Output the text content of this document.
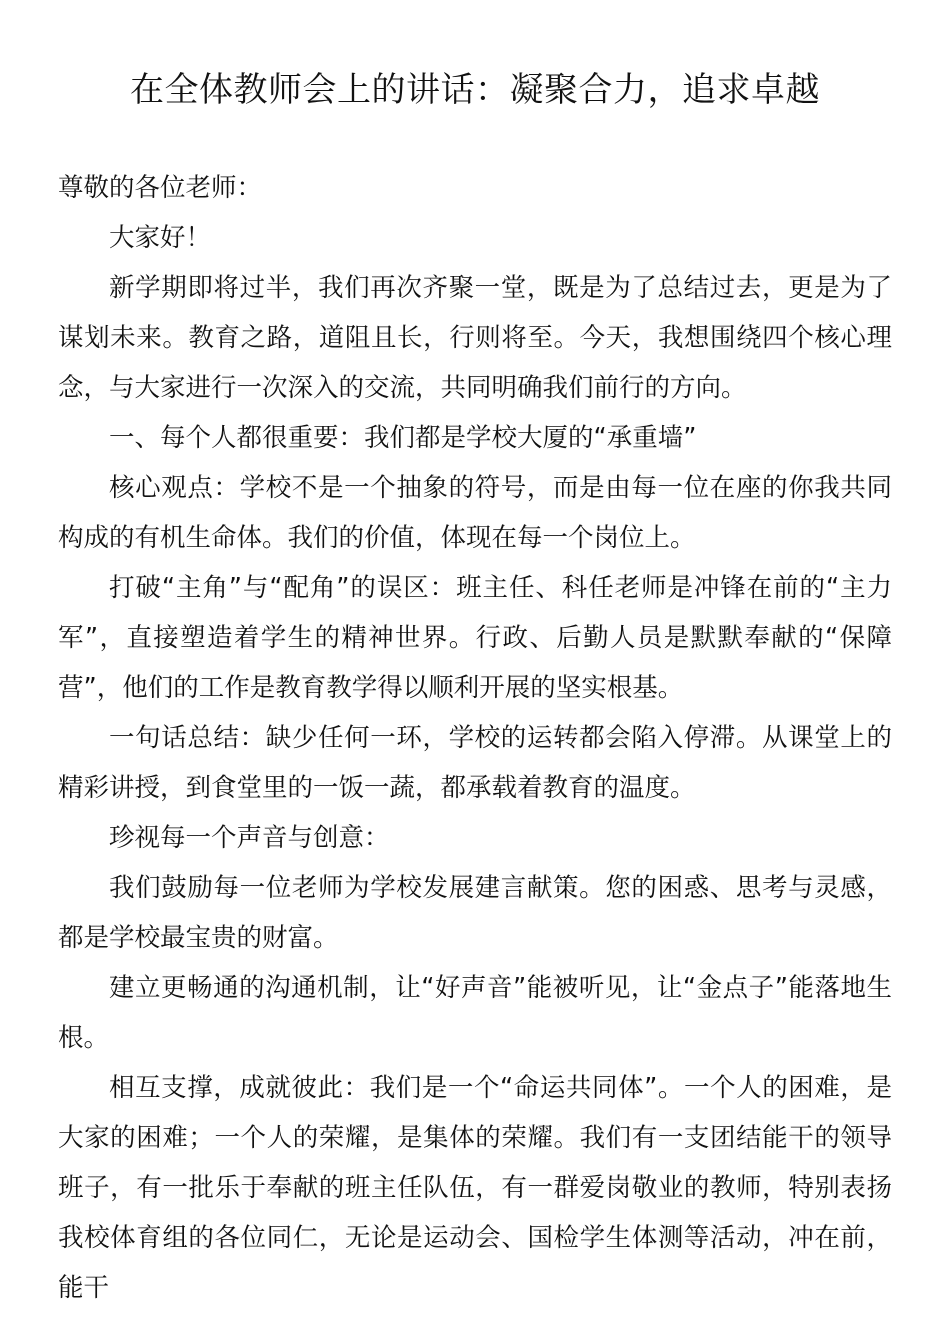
在全体教师会上的讲话：凝聚合力，追求卓越

尊敬的各位老师：

大家好！

新学期即将过半，我们再次齐聚一堂，既是为了总结过去，更是为了谋划未来。教育之路，道阻且长，行则将至。今天，我想围绕四个核心理念，与大家进行一次深入的交流，共同明确我们前行的方向。

一、每个人都很重要：我们都是学校大厦的“承重墙”

核心观点：学校不是一个抽象的符号，而是由每一位在座的你我共同构成的有机生命体。我们的价值，体现在每一个岗位上。

打破“主角”与“配角”的误区：班主任、科任老师是冲锋在前的“主力军”，直接塑造着学生的精神世界。行政、后勤人员是默默奉献的“保障营”，他们的工作是教育教学得以顺利开展的坚实根基。

一句话总结：缺少任何一环，学校的运转都会陷入停滞。从课堂上的精彩讲授，到食堂里的一饭一蔬，都承载着教育的温度。

珍视每一个声音与创意：

我们鼓励每一位老师为学校发展建言献策。您的困惑、思考与灵感，都是学校最宝贵的财富。

建立更畅通的沟通机制，让“好声音”能被听见，让“金点子”能落地生根。

相互支撑，成就彼此：我们是一个“命运共同体”。一个人的困难，是大家的困难；一个人的荣耀，是集体的荣耀。我们有一支团结能干的领导班子，有一批乐于奉献的班主任队伍，有一群爱岗敬业的教师，特别表扬我校体育组的各位同仁，无论是运动会、国检学生体测等活动，冲在前，能干
